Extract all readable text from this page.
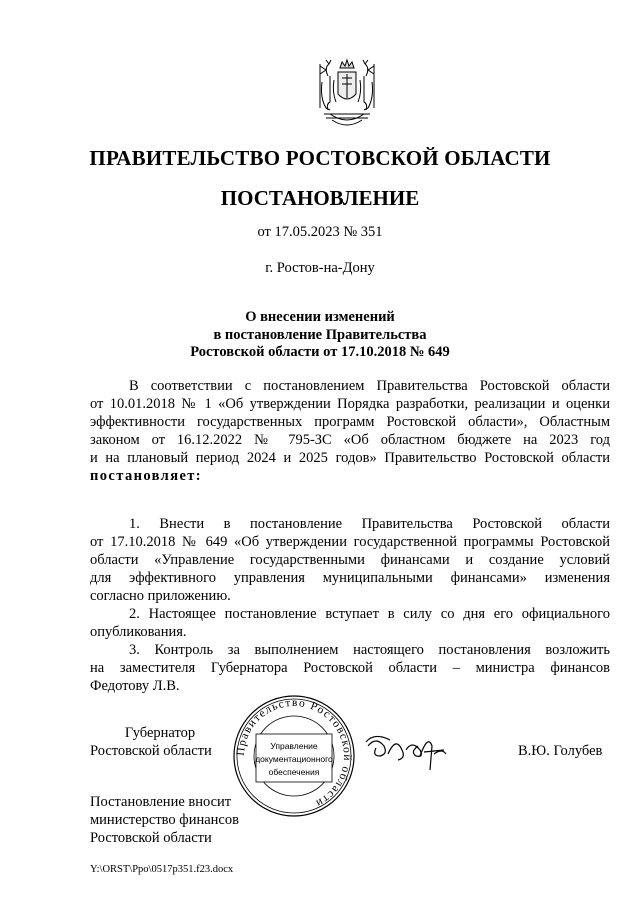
ПРАВИТЕЛЬСТВО РОСТОВСКОЙ ОБЛАСТИ
ПОСТАНОВЛЕНИЕ
от 17.05.2023 № 351
г. Ростов-на-Дону
О внесении изменений
в постановление Правительства
Ростовской области от 17.10.2018 № 649
В соответствии с постановлением Правительства Ростовской области
от 10.01.2018 № 1 «Об утверждении Порядка разработки, реализации и оценки
эффективности государственных программ Ростовской области», Областным
законом от 16.12.2022 № 795-ЗС «Об областном бюджете на 2023 год
и на плановый период 2024 и 2025 годов» Правительство Ростовской области
постановляет:
1. Внести в постановление Правительства Ростовской области
от 17.10.2018 № 649 «Об утверждении государственной программы Ростовской
области «Управление государственными финансами и создание условий
для эффективного управления муниципальными финансами» изменения
согласно приложению.
2. Настоящее постановление вступает в силу со дня его официального
опубликования.
3. Контроль за выполнением настоящего постановления возложить
на заместителя Губернатора Ростовской области – министра финансов
Федотову Л.В.
Губернатор
Ростовской области	Правительство Ростовской области
Управление
документационного
обеспечения
В.Ю. Голубев
Постановление вносит
министерство финансов
Ростовской области
Y:\ORST\Ppo\0517p351.f23.docx
